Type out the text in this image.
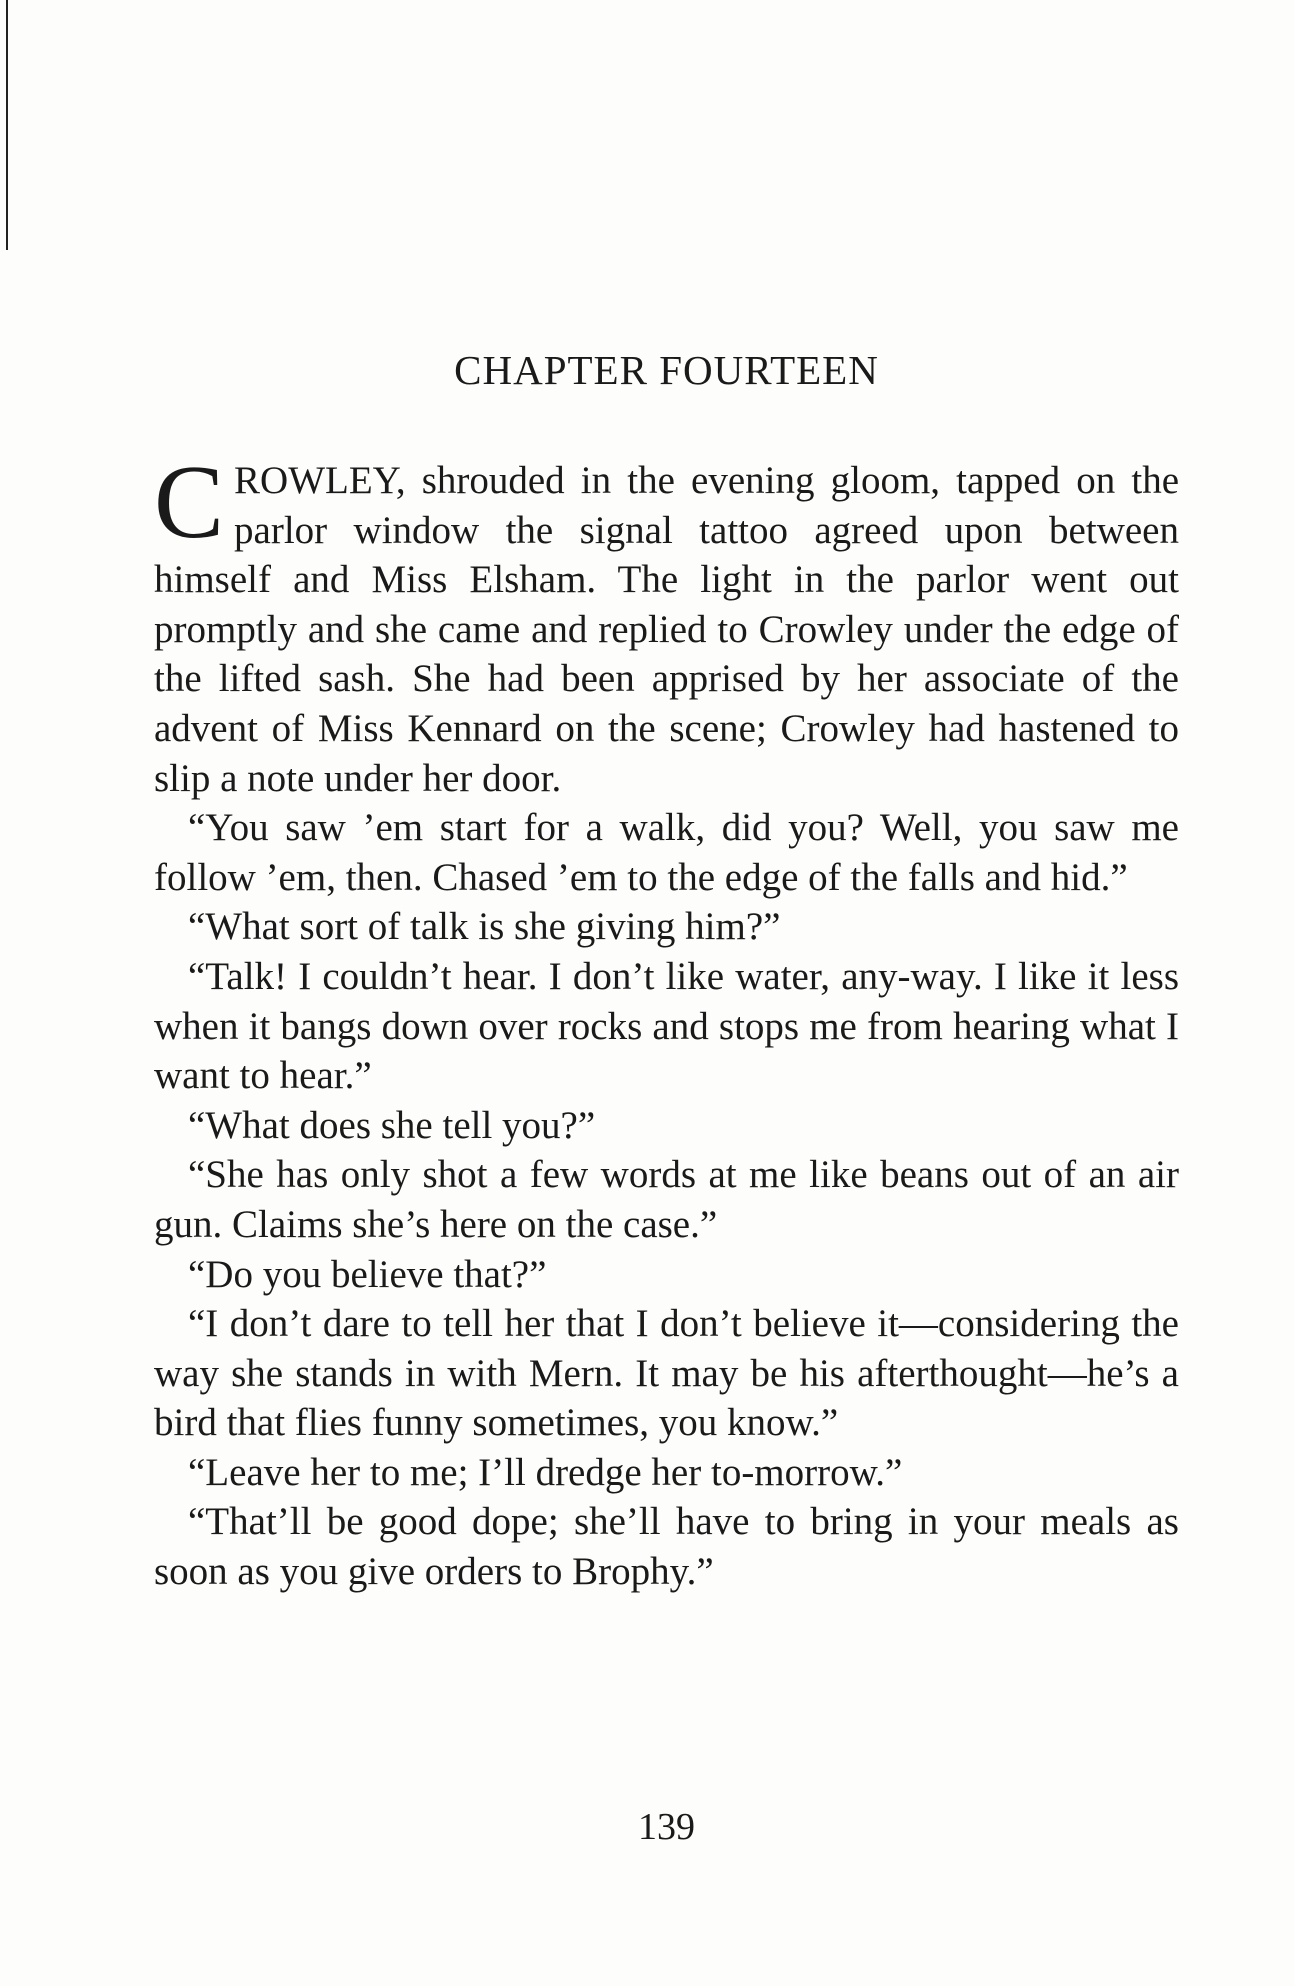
CHAPTER FOURTEEN

CROWLEY, shrouded in the evening gloom, tapped on the parlor window the signal tattoo agreed upon between himself and Miss Elsham. The light in the parlor went out promptly and she came and replied to Crowley under the edge of the lifted sash. She had been apprised by her associate of the advent of Miss Kennard on the scene; Crowley had hastened to slip a note under her door.

“You saw ’em start for a walk, did you? Well, you saw me follow ’em, then. Chased ’em to the edge of the falls and hid.”

“What sort of talk is she giving him?”

“Talk! I couldn’t hear. I don’t like water, any-way. I like it less when it bangs down over rocks and stops me from hearing what I want to hear.”

“What does she tell you?”

“She has only shot a few words at me like beans out of an air gun. Claims she’s here on the case.”

“Do you believe that?”

“I don’t dare to tell her that I don’t believe it—considering the way she stands in with Mern. It may be his afterthought—he’s a bird that flies funny sometimes, you know.”

“Leave her to me; I’ll dredge her to-morrow.”

“That’ll be good dope; she’ll have to bring in your meals as soon as you give orders to Brophy.”

139
